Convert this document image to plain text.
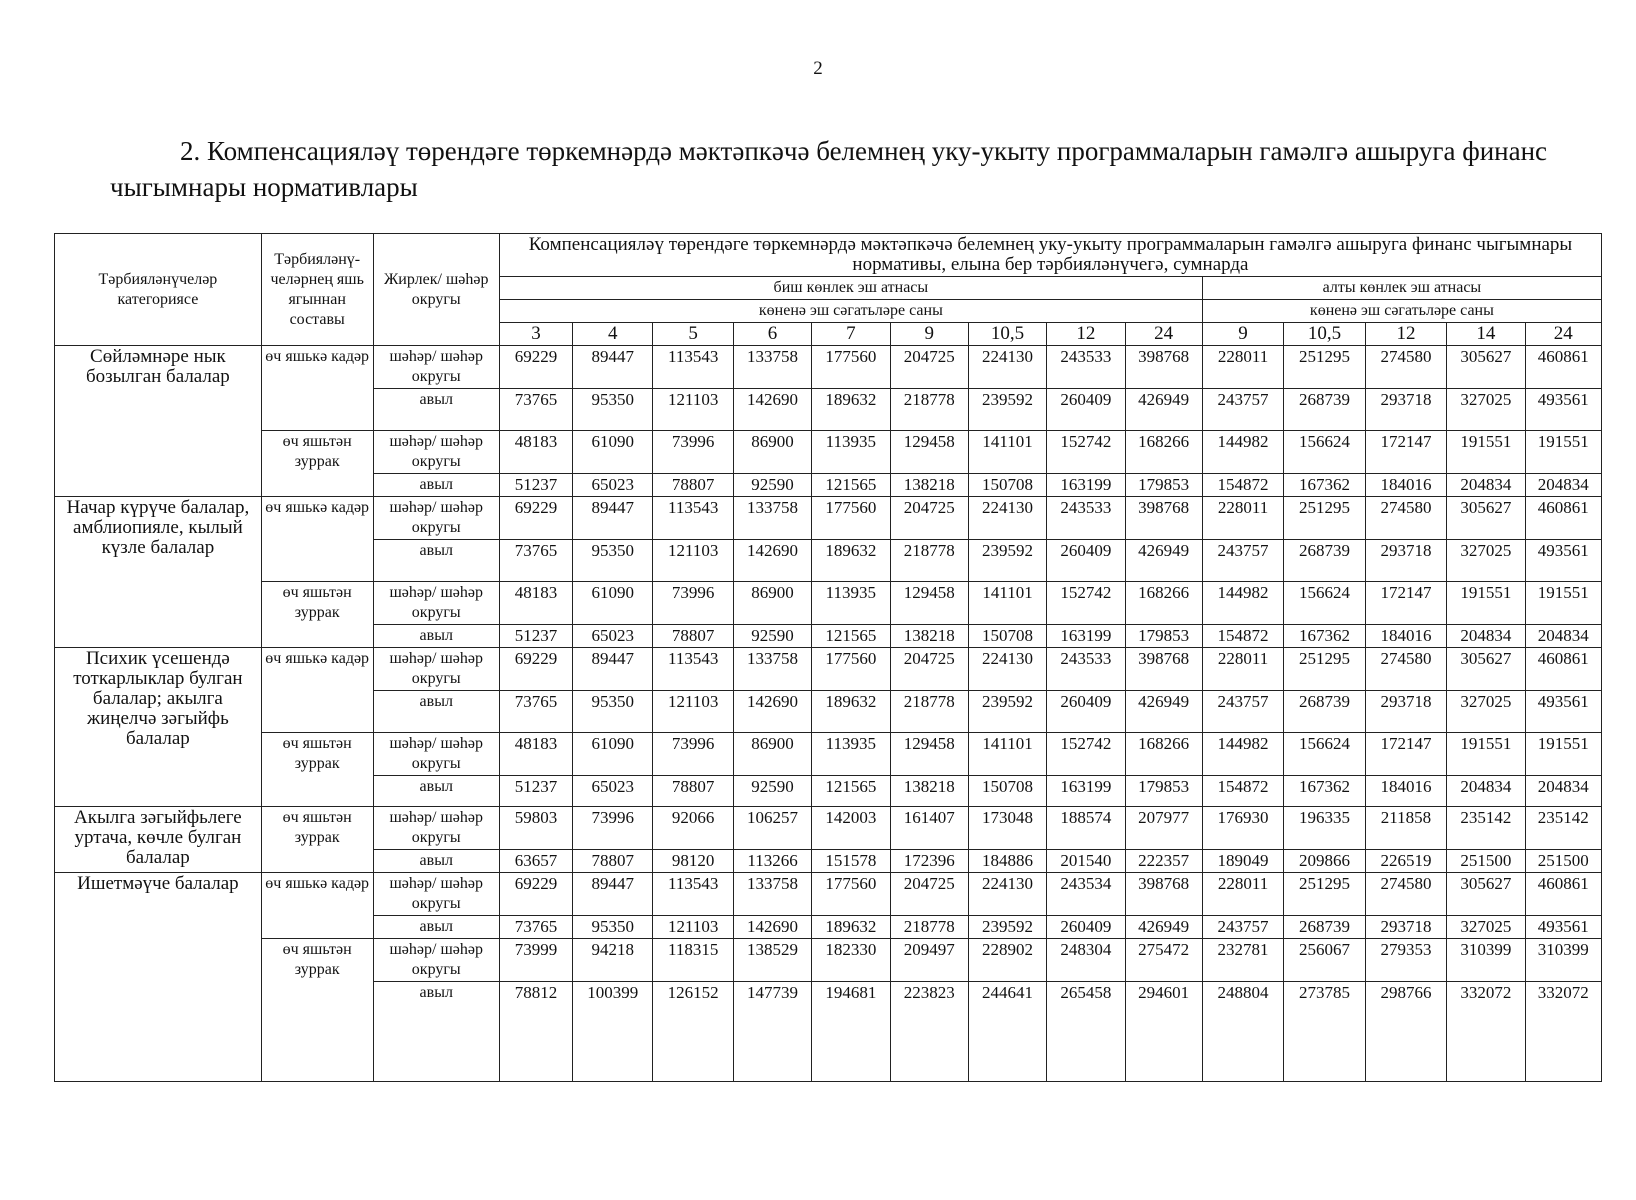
2
2. Компенсацияләү төрендәге төркемнәрдә мәктәпкәчә белемнең уку-укыту программаларын гамәлгә ашыруга финанс чыгымнары нормативлары
Тәрбияләнүчеләр категориясе	Тәрбияләнү-челәрнең яшь ягыннан составы	Жирлек/ шәһәр округы	Компенсацияләү төрендәге төркемнәрдә мәктәпкәчә белемнең уку-укыту программаларын гамәлгә ашыруга финанс чыгымнары нормативы, елына бер тәрбияләнүчегә, сумнарда													
			биш көнлек эш атнасы									алты көнлек эш атнасы				
			көненә эш сәгатьләре саны									көненә эш сәгатьләре саны				
			3	4	5	6	7	9	10,5	12	24	9	10,5	12	14	24
Сөйләмнәре нык бозылган балалар	өч яшькә кадәр	шәһәр/ шәһәр округы	69229	89447	113543	133758	177560	204725	224130	243533	398768	228011	251295	274580	305627	460861
		авыл	73765	95350	121103	142690	189632	218778	239592	260409	426949	243757	268739	293718	327025	493561
	өч яшьтән зуррак	шәһәр/ шәһәр округы	48183	61090	73996	86900	113935	129458	141101	152742	168266	144982	156624	172147	191551	191551
		авыл	51237	65023	78807	92590	121565	138218	150708	163199	179853	154872	167362	184016	204834	204834
Начар күрүче балалар, амблиопияле, кылый күзле балалар	өч яшькә кадәр	шәһәр/ шәһәр округы	69229	89447	113543	133758	177560	204725	224130	243533	398768	228011	251295	274580	305627	460861
		авыл	73765	95350	121103	142690	189632	218778	239592	260409	426949	243757	268739	293718	327025	493561
	өч яшьтән зуррак	шәһәр/ шәһәр округы	48183	61090	73996	86900	113935	129458	141101	152742	168266	144982	156624	172147	191551	191551
		авыл	51237	65023	78807	92590	121565	138218	150708	163199	179853	154872	167362	184016	204834	204834
Психик үсешендә тоткарлыклар булган балалар; акылга жиңелчә зәгыйфь балалар	өч яшькә кадәр	шәһәр/ шәһәр округы	69229	89447	113543	133758	177560	204725	224130	243533	398768	228011	251295	274580	305627	460861
		авыл	73765	95350	121103	142690	189632	218778	239592	260409	426949	243757	268739	293718	327025	493561
	өч яшьтән зуррак	шәһәр/ шәһәр округы	48183	61090	73996	86900	113935	129458	141101	152742	168266	144982	156624	172147	191551	191551
		авыл	51237	65023	78807	92590	121565	138218	150708	163199	179853	154872	167362	184016	204834	204834
Акылга зәгыйфьлеге уртача, көчле булган балалар	өч яшьтән зуррак	шәһәр/ шәһәр округы	59803	73996	92066	106257	142003	161407	173048	188574	207977	176930	196335	211858	235142	235142
		авыл	63657	78807	98120	113266	151578	172396	184886	201540	222357	189049	209866	226519	251500	251500
Ишетмәүче балалар	өч яшькә кадәр	шәһәр/ шәһәр округы	69229	89447	113543	133758	177560	204725	224130	243534	398768	228011	251295	274580	305627	460861
		авыл	73765	95350	121103	142690	189632	218778	239592	260409	426949	243757	268739	293718	327025	493561
	өч яшьтән зуррак	шәһәр/ шәһәр округы	73999	94218	118315	138529	182330	209497	228902	248304	275472	232781	256067	279353	310399	310399
		авыл	78812	100399	126152	147739	194681	223823	244641	265458	294601	248804	273785	298766	332072	332072
